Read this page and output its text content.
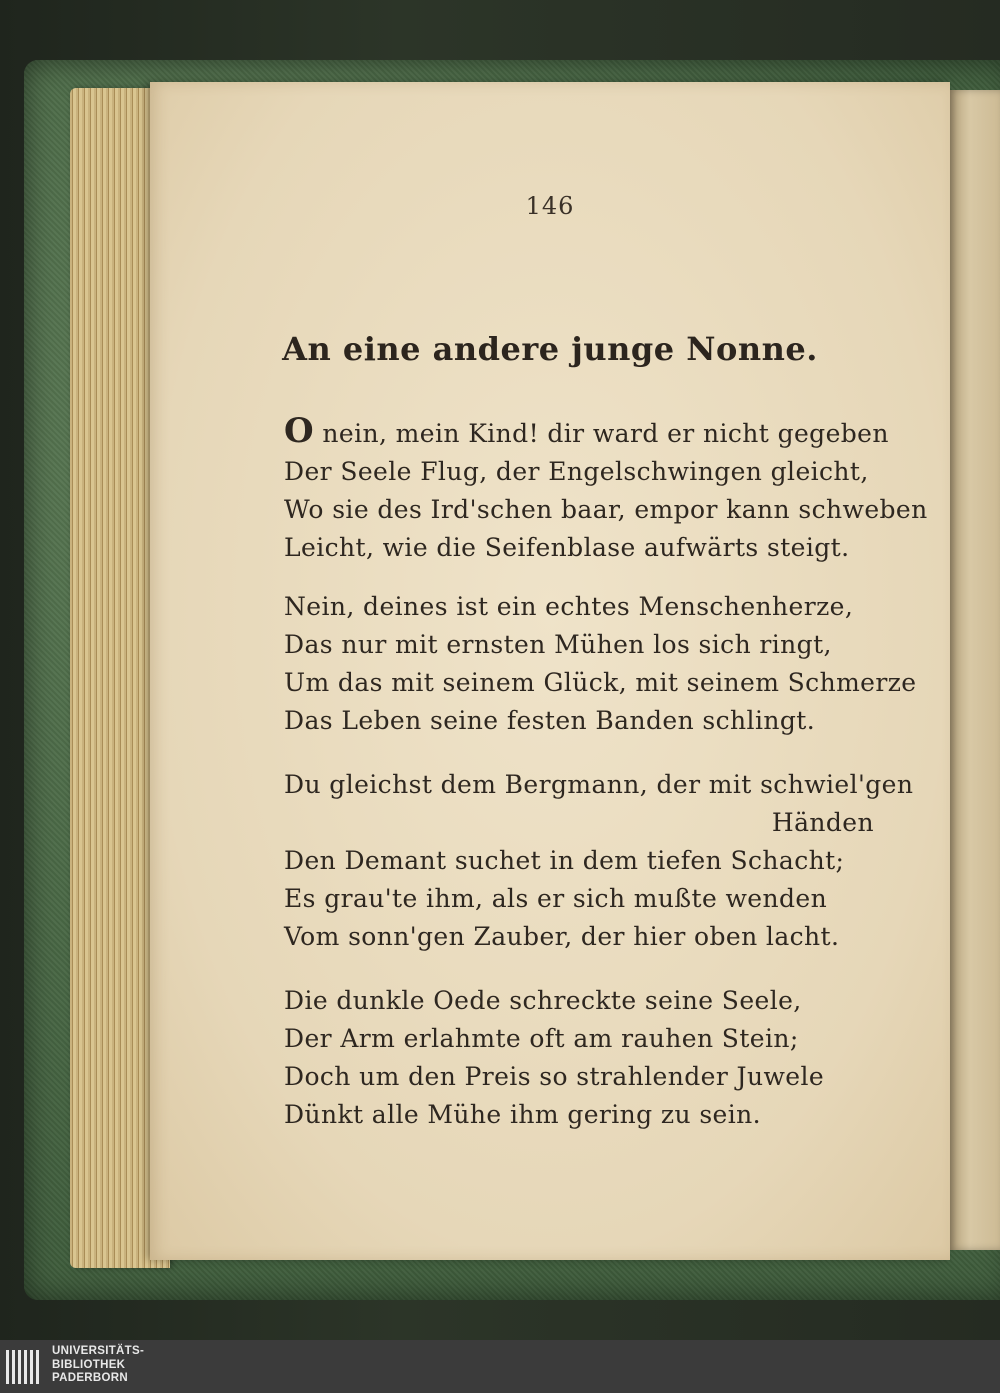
146
An eine andere junge Nonne.
O nein, mein Kind! dir ward er nicht gegeben
Der Seele Flug, der Engelschwingen gleicht,
Wo sie des Ird'schen baar, empor kann schweben
Leicht, wie die Seifenblase aufwärts steigt.
Nein, deines ist ein echtes Menschenherze,
Das nur mit ernsten Mühen los sich ringt,
Um das mit seinem Glück, mit seinem Schmerze
Das Leben seine festen Banden schlingt.
Du gleichst dem Bergmann, der mit schwiel'gen
Händen
Den Demant suchet in dem tiefen Schacht;
Es grau'te ihm, als er sich mußte wenden
Vom sonn'gen Zauber, der hier oben lacht.
Die dunkle Oede schreckte seine Seele,
Der Arm erlahmte oft am rauhen Stein;
Doch um den Preis so strahlender Juwele
Dünkt alle Mühe ihm gering zu sein.
UNIVERSITÄTS-
BIBLIOTHEK
PADERBORN
